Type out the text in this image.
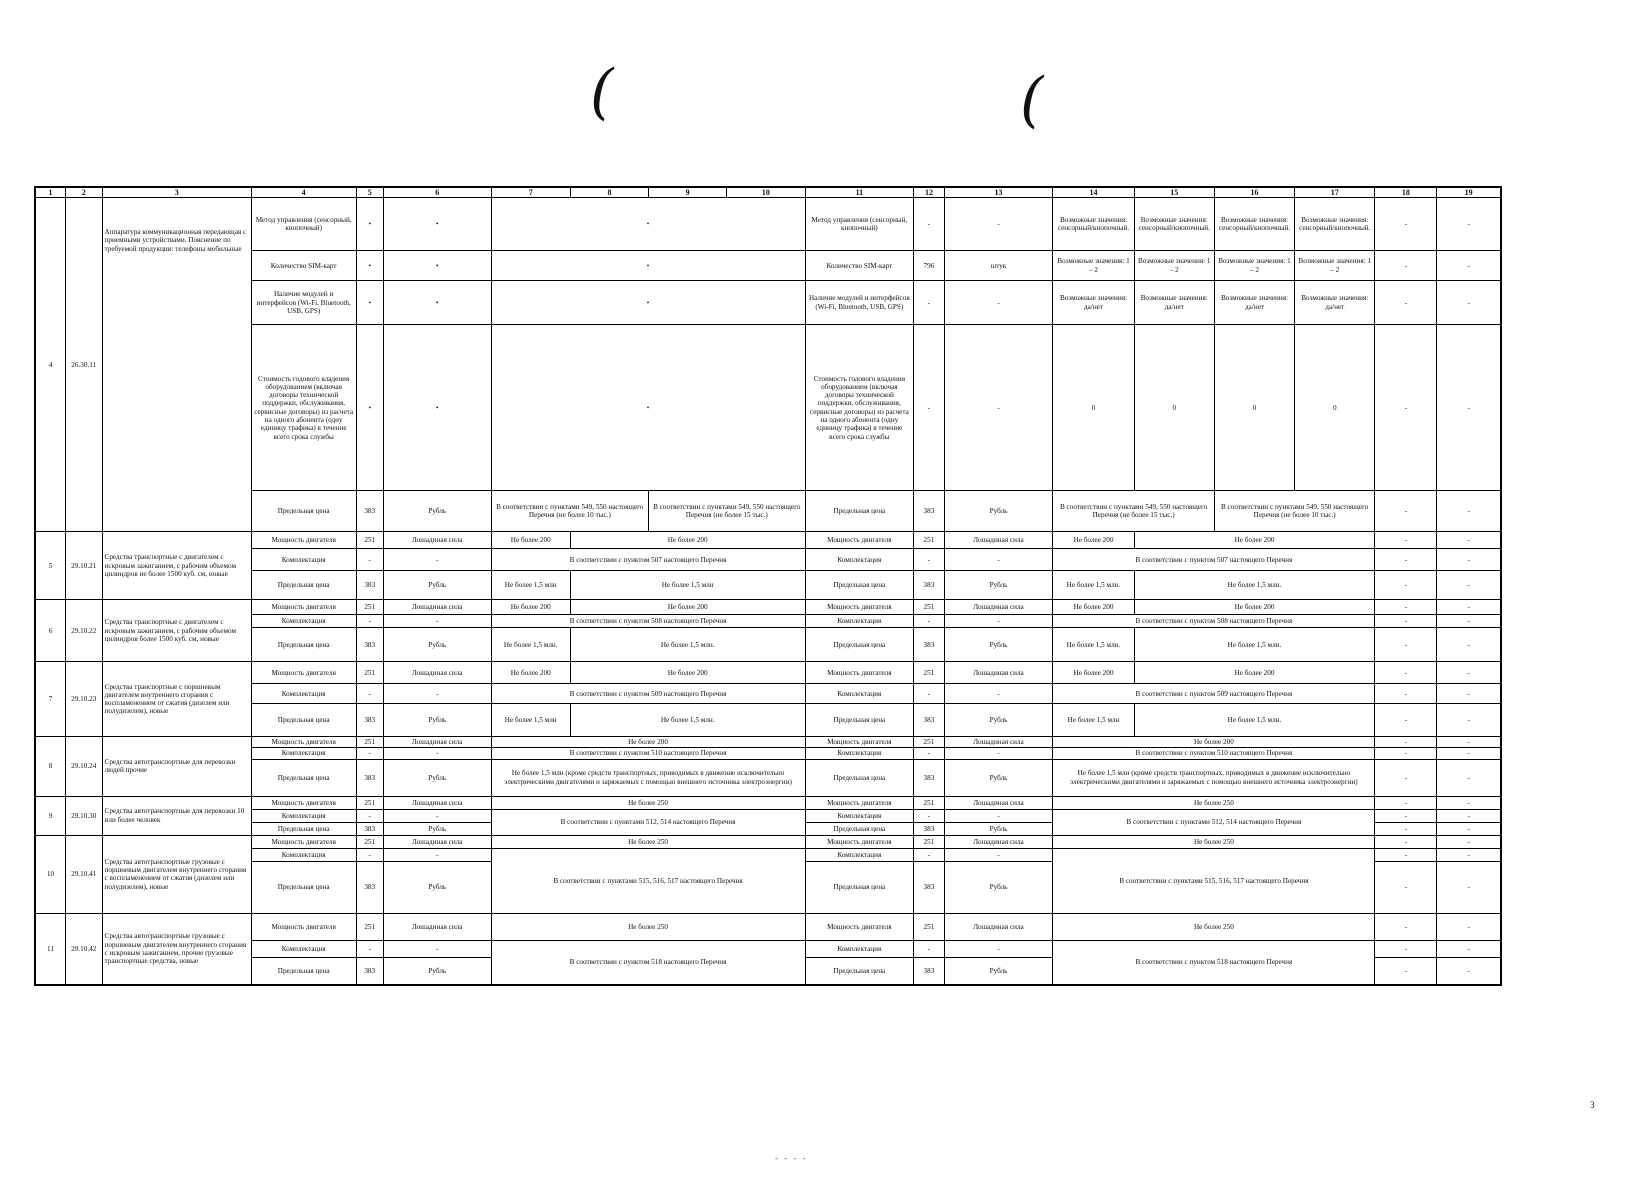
(	(
1	2	3	4	5	6	7	8	9	10	11	12	13	14	15	16	17	18	19
4	26.30.11	Аппаратура коммуникационная передающая с приемными устройствами. Пояснение по требуемой продукции: телефоны мобильные	Метод управления (сенсорный, кнопочный)	•	•	•				Метод управления (сенсорный, кнопочный)	-	-	Возможные значения: сенсорный/кнопочный.	Возможные значения: сенсорный/кнопочный.	Возможные значения: сенсорный/кнопочный.	Возможные значения: сенсорный/кнопочный.	-	-
			Количество SIM-карт	•	•	•				Количество SIM-карт	796	штук	Возможные значения: 1 – 2	Возможные значения: 1 – 2	Возможные значения: 1 – 2	Возможные значения: 1 – 2	-	-
			Наличие модулей и интерфейсов (Wi-Fi, Bluetooth, USB, GPS)	•	•	•				Наличие модулей и интерфейсов (Wi-Fi, Bluetooth, USB, GPS)	-	-	Возможные значения: да/нет	Возможные значения: да/нет	Возможные значения: да/нет	Возможные значения: да/нет	-	-
			Стоимость годового владения оборудованием (включая договоры технической поддержки, обслуживания, сервисные договоры) из расчета на одного абонента (одну единицу трафика) в течение всего срока службы	•	•	•				Стоимость годового владения оборудованием (включая договоры технической поддержки, обслуживания, сервисные договоры) из расчета на одного абонента (одну единицу трафика) в течение всего срока службы	-	-	0	0	0	0	-	-
			Предельная цена	383	Рубль	В соответствии с пунктами 549, 550 настоящего Перечня (не более 10 тыс.)		В соответствии с пунктами 549, 550 настоящего Перечня (не более 15 тыс.)		Предельная цена	383	Рубль	В соответствии с пунктами 549, 550 настоящего Перечня (не более 15 тыс.)		В соответствии с пунктами 549, 550 настоящего Перечня (не более 10 тыс.)		-	-
5	29.10.21	Средства транспортные с двигателем с искровым зажиганием, с рабочим объемом цилиндров не более 1500 куб. см, новые	Мощность двигателя	251	Лошадиная сила	Не более 200	Не более 200			Мощность двигателя	251	Лошадиная сила	Не более 200	Не более 200			-	-
			Комплектация	-	-	В соответствии с пунктом 507 настоящего Перечня				Комплектация	-	-	В соответствии с пунктом 507 настоящего Перечня				-	-
			Предельная цена	383	Рубль	Не более 1,5 млн	Не более 1,5 млн			Предельная цена	383	Рубль	Не более 1,5 млн.	Не более 1,5 млн.			-	-
6	29.10.22	Средства транспортные с двигателем с искровым зажиганием, с рабочим объемом цилиндров более 1500 куб. см, новые	Мощность двигателя	251	Лошадиная сила	Не более 200	Не более 200			Мощность двигателя	251	Лошадиная сила	Не более 200	Не более 200			-	-
			Комплектация	-	-	В соответствии с пунктом 508 настоящего Перечня				Комплектация	-	-	В соответствии с пунктом 508 настоящего Перечня				-	-
			Предельная цена	383	Рубль	Не более 1,5 млн.	Не более 1,5 млн.			Предельная цена	383	Рубль	Не более 1,5 млн.	Не более 1,5 млн.			-	-
7	29.10.23	Средства транспортные с поршневым двигателем внутреннего сгорания с воспламенением от сжатия (дизелем или полудизелем), новые	Мощность двигателя	251	Лошадиная сила	Не более 200	Не более 200			Мощность двигателя	251	Лошадиная сила	Не более 200	Не более 200			-	-
			Комплектация	-	-	В соответствии с пунктом 509 настоящего Перечня				Комплектация	-	-	В соответствии с пунктом 509 настоящего Перечня				-	-
			Предельная цена	383	Рубль	Не более 1,5 млн	Не более 1,5 млн.			Предельная цена	383	Рубль	Не более 1,5 млн	Не более 1,5 млн.			-	-
8	29.10.24	Средства автотранспортные для перевозки людей прочие	Мощность двигателя	251	Лошадиная сила	Не более 200				Мощность двигателя	251	Лошадиная сила	Не более 200				-	-
			Комплектация	-	-	В соответствии с пунктом 510 настоящего Перечня				Комплектация	-	-	В соответствии с пунктом 510 настоящего Перечня				-	-
			Предельная цена	383	Рубль	Не более 1,5 млн (кроме средств транспортных, приводимых в движение исключительно электрическими двигателями и заряжаемых с помощью внешнего источника электроэнергии)				Предельная цена	383	Рубль	Не более 1,5 млн (кроме средств транспортных, приводимых в движение исключительно электрическими двигателями и заряжаемых с помощью внешнего источника электроэнергии)				-	-
9	29.10.30	Средства автотранспортные для перевозки 10 или более человек	Мощность двигателя	251	Лошадиная сила	Не более 250				Мощность двигателя	251	Лошадиная сила	Не более 250				-	-
			Комплектация	-	-	В соответствии с пунктами 512, 514 настоящего Перечня				Комплектация	-	-	В соответствии с пунктами 512, 514 настоящего Перечня				-	-
			Предельная цена	383	Рубль					Предельная цена	383	Рубль					-	-
10	29.10.41	Средства автотранспортные грузовые с поршневым двигателем внутреннего сгорания с воспламенением от сжатия (дизелем или полудизелем), новые	Мощность двигателя	251	Лошадиная сила	Не более 250				Мощность двигателя	251	Лошадиная сила	Не более 250				-	-
			Комплектация	-	-	В соответствии с пунктами 515, 516, 517 настоящего Перечня				Комплектация	-	-	В соответствии с пунктами 515, 516, 517 настоящего Перечня				-	-
			Предельная цена	383	Рубль					Предельная цена	383	Рубль					-	-
11	29.10.42	Средства автотранспортные грузовые с поршневым двигателем внутреннего сгорания с искровым зажиганием, прочие грузовые транспортные средства, новые	Мощность двигателя	251	Лошадиная сила	Не более 250				Мощность двигателя	251	Лошадиная сила	Не более 250				-	-
			Комплектация	-	-	В соответствии с пунктом 518 настоящего Перечня				Комплектация	-	-	В соответствии с пунктом 518 настоящего Перечня				-	-
			Предельная цена	383	Рубль					Предельная цена	383	Рубль					-	-
3
- - - -
